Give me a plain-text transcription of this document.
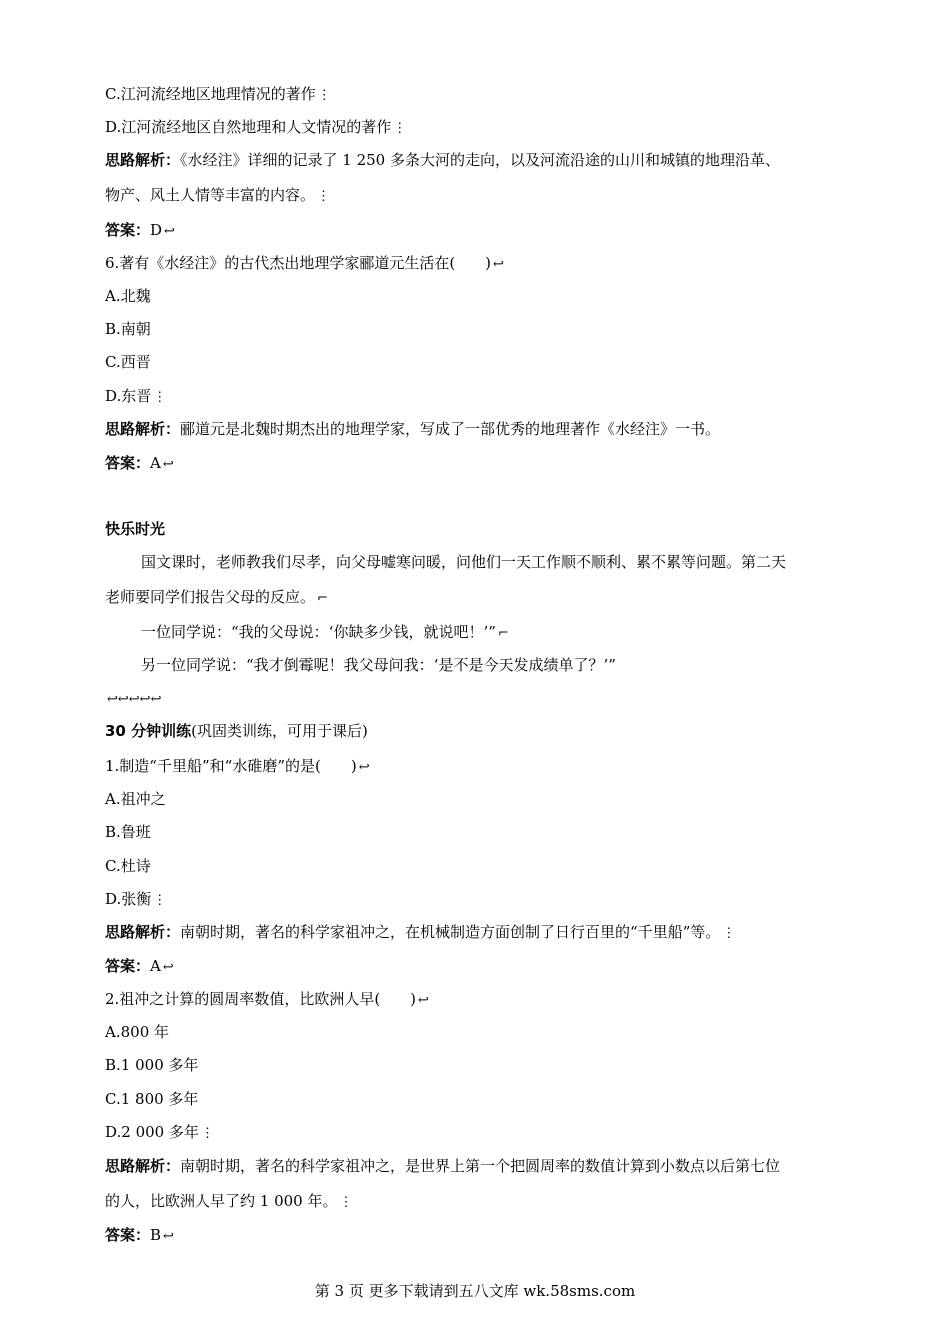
C.江河流经地区地理情况的著作 ⋮
D.江河流经地区自然地理和人文情况的著作 ⋮
思路解析：《水经注》详细的记录了 1 250 多条大河的走向，以及河流沿途的山川和城镇的地理沿革、
物产、风土人情等丰富的内容。 ⋮
答案：D ↩
6.著有《水经注》的古代杰出地理学家郦道元生活在(　　) ↩
A.北魏
B.南朝
C.西晋
D.东晋 ⋮
思路解析：郦道元是北魏时期杰出的地理学家，写成了一部优秀的地理著作《水经注》一书。
答案：A ↩
快乐时光
国文课时，老师教我们尽孝，向父母嘘寒问暖，问他们一天工作顺不顺利、累不累等问题。第二天
老师要同学们报告父母的反应。 ⌐
一位同学说：“我的父母说：‘你缺多少钱，就说吧！’” ⌐
另一位同学说：“我才倒霉呢！我父母问我：‘是不是今天发成绩单了？’”
↩↩↩↩↩
30 分钟训练(巩固类训练，可用于课后)
1.制造“千里船”和“水碓磨”的是(　　) ↩
A.祖冲之
B.鲁班
C.杜诗
D.张衡 ⋮
思路解析：南朝时期，著名的科学家祖冲之，在机械制造方面创制了日行百里的“千里船”等。 ⋮
答案：A ↩
2.祖冲之计算的圆周率数值，比欧洲人早(　　) ↩
A.800 年
B.1 000 多年
C.1 800 多年
D.2 000 多年 ⋮
思路解析：南朝时期，著名的科学家祖冲之，是世界上第一个把圆周率的数值计算到小数点以后第七位
的人，比欧洲人早了约 1 000 年。 ⋮
答案：B ↩
第 3 页 更多下载请到五八文库 wk.58sms.com
